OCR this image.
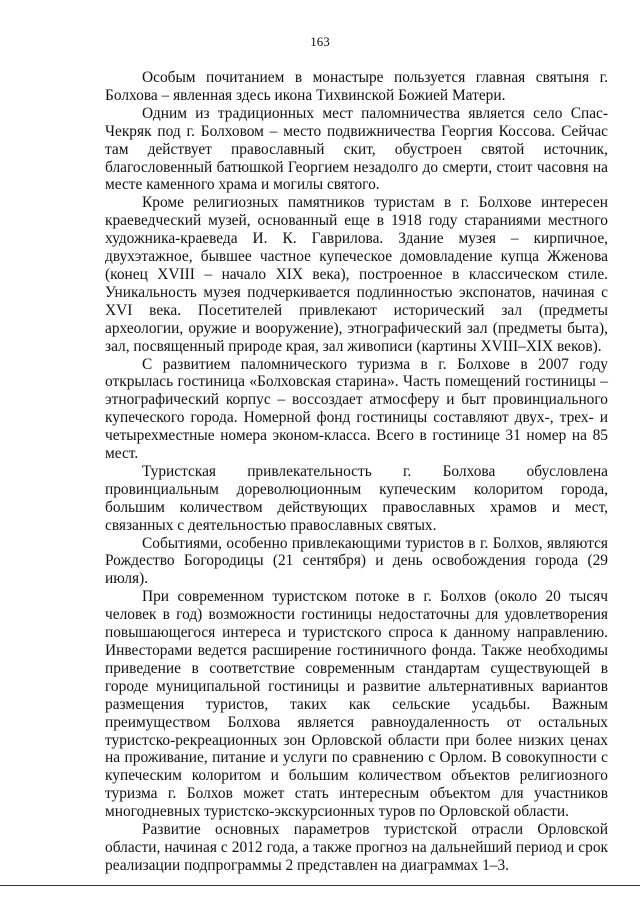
163

Особым почитанием в монастыре пользуется главная святыня г. Болхова – явленная здесь икона Тихвинской Божией Матери.

Одним из традиционных мест паломничества является село Спас-Чекряк под г. Болховом – место подвижничества Георгия Коссова. Сейчас там действует православный скит, обустроен святой источник, благословенный батюшкой Георгием незадолго до смерти, стоит часовня на месте каменного храма и могилы святого.

Кроме религиозных памятников туристам в г. Болхове интересен краеведческий музей, основанный еще в 1918 году стараниями местного художника-краеведа И. К. Гаврилова. Здание музея – кирпичное, двухэтажное, бывшее частное купеческое домовладение купца Жженова (конец XVIII – начало XIX века), построенное в классическом стиле. Уникальность музея подчеркивается подлинностью экспонатов, начиная с XVI века. Посетителей привлекают исторический зал (предметы археологии, оружие и вооружение), этнографический зал (предметы быта), зал, посвященный природе края, зал живописи (картины XVIII–XIX веков).

С развитием паломнического туризма в г. Болхове в 2007 году открылась гостиница «Болховская старина». Часть помещений гостиницы – этнографический корпус – воссоздает атмосферу и быт провинциального купеческого города. Номерной фонд гостиницы составляют двух-, трех- и четырехместные номера эконом-класса. Всего в гостинице 31 номер на 85 мест.

Туристская привлекательность г. Болхова обусловлена провинциальным дореволюционным купеческим колоритом города, большим количеством действующих православных храмов и мест, связанных с деятельностью православных святых.

Событиями, особенно привлекающими туристов в г. Болхов, являются Рождество Богородицы (21 сентября) и день освобождения города (29 июля).

При современном туристском потоке в г. Болхов (около 20 тысяч человек в год) возможности гостиницы недостаточны для удовлетворения повышающегося интереса и туристского спроса к данному направлению. Инвесторами ведется расширение гостиничного фонда. Также необходимы приведение в соответствие современным стандартам существующей в городе муниципальной гостиницы и развитие альтернативных вариантов размещения туристов, таких как сельские усадьбы. Важным преимуществом Болхова является равноудаленность от остальных туристско-рекреационных зон Орловской области при более низких ценах на проживание, питание и услуги по сравнению с Орлом. В совокупности с купеческим колоритом и большим количеством объектов религиозного туризма г. Болхов может стать интересным объектом для участников многодневных туристско-экскурсионных туров по Орловской области.

Развитие основных параметров туристской отрасли Орловской области, начиная с 2012 года, а также прогноз на дальнейший период и срок реализации подпрограммы 2 представлен на диаграммах 1–3.
